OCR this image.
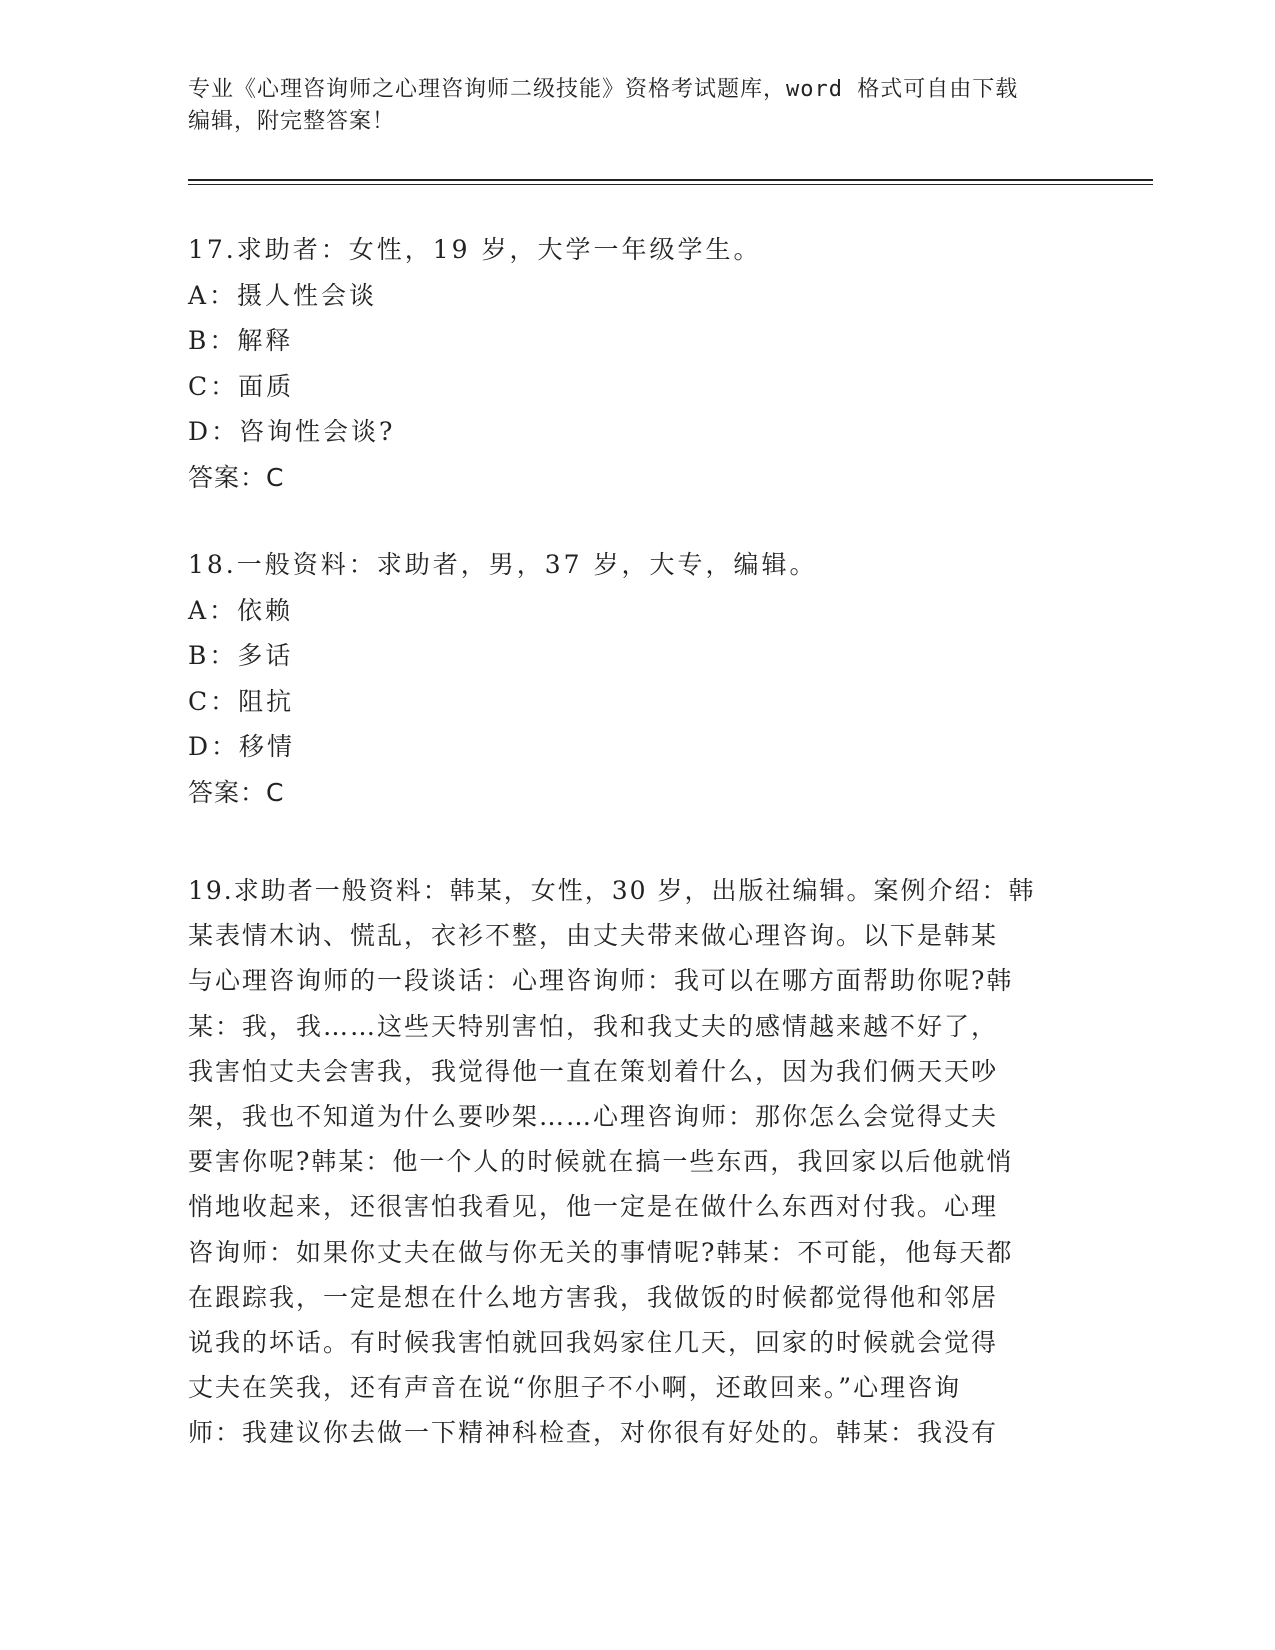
专业《心理咨询师之心理咨询师二级技能》资格考试题库，word 格式可自由下载
编辑，附完整答案！
17.求助者：女性，19 岁，大学一年级学生。
A：摄人性会谈
B：解释
C：面质
D：咨询性会谈?
答案：C
18.一般资料：求助者，男，37 岁，大专，编辑。
A：依赖
B：多话
C：阻抗
D：移情
答案：C
19.求助者一般资料：韩某，女性，30 岁，出版社编辑。案例介绍：韩
某表情木讷、慌乱，衣衫不整，由丈夫带来做心理咨询。以下是韩某
与心理咨询师的一段谈话：心理咨询师：我可以在哪方面帮助你呢?韩
某：我，我……这些天特别害怕，我和我丈夫的感情越来越不好了，
我害怕丈夫会害我，我觉得他一直在策划着什么，因为我们俩天天吵
架，我也不知道为什么要吵架……心理咨询师：那你怎么会觉得丈夫
要害你呢?韩某：他一个人的时候就在搞一些东西，我回家以后他就悄
悄地收起来，还很害怕我看见，他一定是在做什么东西对付我。心理
咨询师：如果你丈夫在做与你无关的事情呢?韩某：不可能，他每天都
在跟踪我，一定是想在什么地方害我，我做饭的时候都觉得他和邻居
说我的坏话。有时候我害怕就回我妈家住几天，回家的时候就会觉得
丈夫在笑我，还有声音在说“你胆子不小啊，还敢回来。”心理咨询
师：我建议你去做一下精神科检查，对你很有好处的。韩某：我没有
